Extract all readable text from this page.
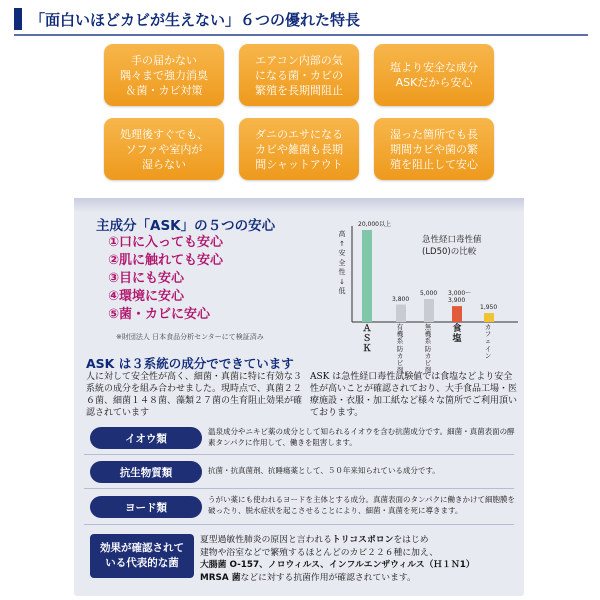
「面白いほどカビが生えない」６つの優れた特長
手の届かない
隅々まで強力消臭
＆菌・カビ対策
エアコン内部の気
になる菌・カビの
繁殖を長期間阻止
塩より安全な成分
ASKだから安心
処理後すぐでも、
ソファや室内が
湿らない
ダニのエサになる
カビや雑菌も長期
間シャットアウト
湿った箇所でも長
期間カビや菌の繁
殖を阻止して安心
主成分「ASK」の５つの安心
①口に入っても安心
②肌に触れても安心
③目にも安心
④環境に安心
⑤菌・カビに安心
※財団法人 日本食品分析センターにて検証済み
高
↑
安
全
性
↓
低
急性経口毒性値
(LD50)の比較
20,000以上
ＡＳＫ
3,800
有機系防カビ剤
5,000
無機系防カビ剤
3,000〜
3,900
食塩
1,950
カフェイン
ASK は３系統の成分でできています
人に対して安全性が高く、細菌・真菌に特に有効な３系統の成分を組み合わせました。現時点で、真菌２２６菌、細菌１４８菌、藻類２７菌の生育阻止効果が確認されています
ASK は急性経口毒性試験値では食塩などより安全性が高いことが確認されており、大手食品工場・医療施設・衣服・加工紙など様々な箇所でご利用頂いております。
イオウ類
温泉成分やニキビ薬の成分として知られるイオウを含む抗菌成分です。細菌・真菌表面の酵素タンパクに作用して、働きを阻害します。
抗生物質類	抗菌・抗真菌剤、抗睡瘍薬として、５０年来知られている成分です。
ヨード類
うがい薬にも使われるヨードを主体とする成分。真菌表面のタンパクに働きかけて細胞膜を破ったり、脱水症状を起こさせることにより、細菌・真菌を死に導きます。
効果が確認されて
いる代表的な菌
夏型過敏性肺炎の原因と言われるトリコスポロンをはじめ
建物や浴室などで繁殖するほとんどのカビ２２６種に加え、
大腸菌 O-157、ノロウィルス、インフルエンザウィルス（Ｈ１Ｎ1）
MRSA 菌などに対する抗菌作用が確認されています。
